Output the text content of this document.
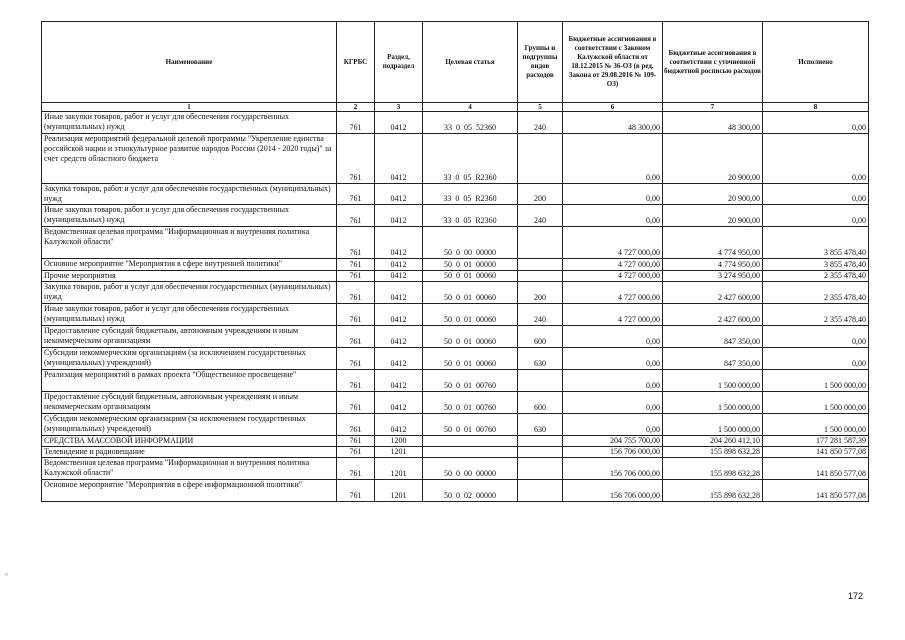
Наименование	КГРБС	Раздел, подраздел	Целевая статья	Группы и подгруппы видов расходов	Бюджетные ассигнования в соответствии с Законом Калужской области от 18.12.2015 № 36-ОЗ (в ред. Закона от 29.08.2016 № 109-ОЗ)	Бюджетные ассигнования в соответствии с уточненной бюджетной росписью расходов	Исполнено
1	2	3	4	5	6	7	8
Иные закупки товаров, работ и услуг для обеспечения государственных (муниципальных) нужд	761	0412	33  0  05  52360	240	48 300,00	48 300,00	0,00
Реализация мероприятий федеральной целевой программы "Укрепление единства российской нации и этнокультурное развитие народов России (2014 - 2020 годы)" за счет средств областного бюджета	761	0412	33  0  05  R2360		0,00	20 900,00	0,00
Закупка товаров, работ и услуг для обеспечения государственных (муниципальных) нужд	761	0412	33  0  05  R2360	200	0,00	20 900,00	0,00
Иные закупки товаров, работ и услуг для обеспечения государственных (муниципальных) нужд	761	0412	33  0  05  R2360	240	0,00	20 900,00	0,00
Ведомственная целевая программа "Информационная и внутренняя политика Калужской области"	761	0412	50  0  00  00000		4 727 000,00	4 774 950,00	3 855 478,40
Основное мероприятие "Мероприятия в сфере внутренней политики"	761	0412	50  0  01  00000		4 727 000,00	4 774 950,00	3 855 478,40
Прочие мероприятия	761	0412	50  0  01  00060		4 727 000,00	3 274 950,00	2 355 478,40
Закупка товаров, работ и услуг для обеспечения государственных (муниципальных) нужд	761	0412	50  0  01  00060	200	4 727 000,00	2 427 600,00	2 355 478,40
Иные закупки товаров, работ и услуг для обеспечения государственных (муниципальных) нужд	761	0412	50  0  01  00060	240	4 727 000,00	2 427 600,00	2 355 478,40
Предоставление субсидий бюджетным, автономным учреждениям и иным некоммерческим организациям	761	0412	50  0  01  00060	600	0,00	847 350,00	0,00
Субсидии некоммерческим организациям (за исключением государственных (муниципальных) учреждений)	761	0412	50  0  01  00060	630	0,00	847 350,00	0,00
Реализация мероприятий в рамках проекта "Общественное просвещение"	761	0412	50  0  01  00760		0,00	1 500 000,00	1 500 000,00
Предоставление субсидий бюджетным, автономным учреждениям и иным некоммерческим организациям	761	0412	50  0  01  00760	600	0,00	1 500 000,00	1 500 000,00
Субсидии некоммерческим организациям (за исключением государственных (муниципальных) учреждений)	761	0412	50  0  01  00760	630	0,00	1 500 000,00	1 500 000,00
СРЕДСТВА МАССОВОЙ ИНФОРМАЦИИ	761	1200			204 755 700,00	204 260 412,10	177 281 587,39
Телевидение и радиовещание	761	1201			156 706 000,00	155 898 632,28	141 850 577,08
Ведомственная целевая программа "Информационная и внутренняя политика Калужской области"	761	1201	50  0  00  00000		156 706 000,00	155 898 632,28	141 850 577,08
Основное мероприятие "Мероприятия в сфере информационной политики"	761	1201	50  0  02  00000		156 706 000,00	155 898 632,28	141 850 577,08
172
°
